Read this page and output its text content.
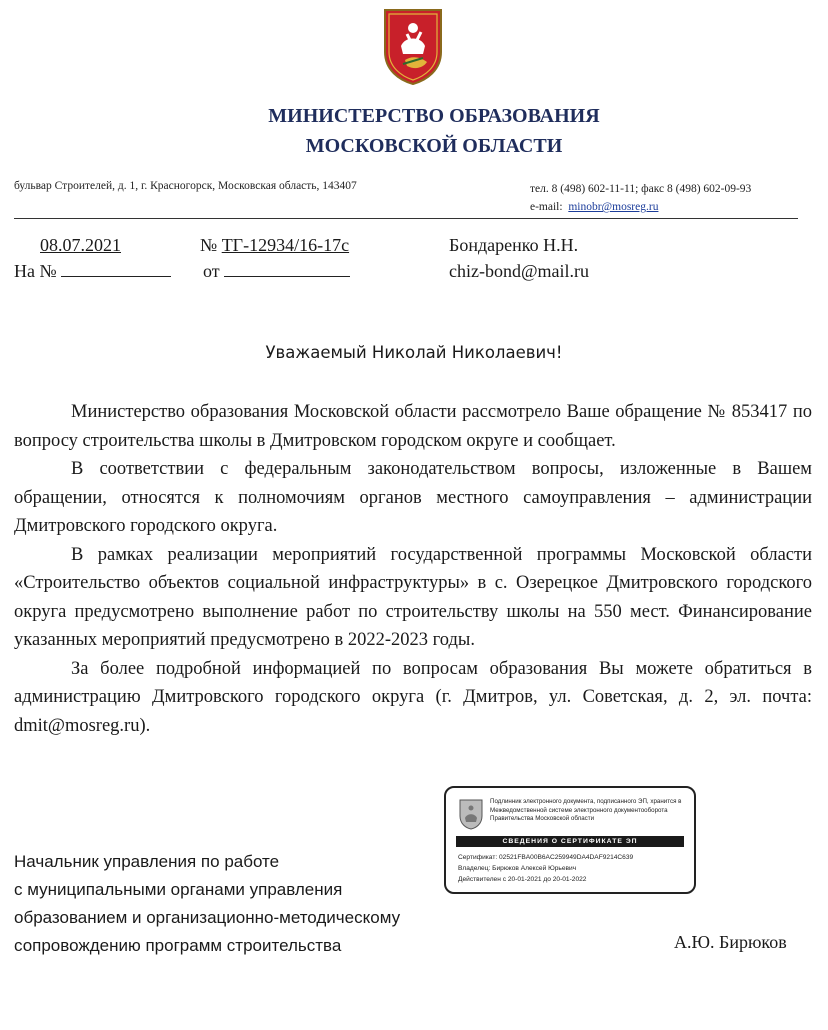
МИНИСТЕРСТВО ОБРАЗОВАНИЯ
МОСКОВСКОЙ ОБЛАСТИ
бульвар Строителей, д. 1, г. Красногорск, Московская область, 143407	тел. 8 (498) 602-11-11; факс 8 (498) 602-09-93
e-mail: minobr@mosreg.ru
08.07.2021	№ ТГ-12934/16-17с
На №	от
Бондаренко Н.Н.
chiz-bond@mail.ru
Уважаемый Николай Николаевич!

Министерство образования Московской области рассмотрело Ваше обращение № 853417 по вопросу строительства школы в Дмитровском городском округе и сообщает.

В соответствии с федеральным законодательством вопросы, изложенные в Вашем обращении, относятся к полномочиям органов местного самоуправления – администрации Дмитровского городского округа.

В рамках реализации мероприятий государственной программы Московской области «Строительство объектов социальной инфраструктуры» в с. Озерецкое Дмитровского городского округа предусмотрено выполнение работ по строительству школы на 550 мест. Финансирование указанных мероприятий предусмотрено в 2022-2023 годы.

За более подробной информацией по вопросам образования Вы можете обратиться в администрацию Дмитровского городского округа (г. Дмитров, ул. Советская, д. 2, эл. почта: dmit@mosreg.ru).

Подлинник электронного документа, подписанного ЭП, хранится в Межведомственной системе электронного документооборота Правительства Московской области
СВЕДЕНИЯ О СЕРТИФИКАТЕ ЭП
Сертификат: 02521FBA00B6AC259949DA4DAF9214C639
Владелец: Бирюков Алексей Юрьевич
Действителен с 20-01-2021 до 20-01-2022
Начальник управления по работе
с муниципальными органами управления
образованием и организационно-методическому
сопровождению программ строительства	А.Ю. Бирюков
